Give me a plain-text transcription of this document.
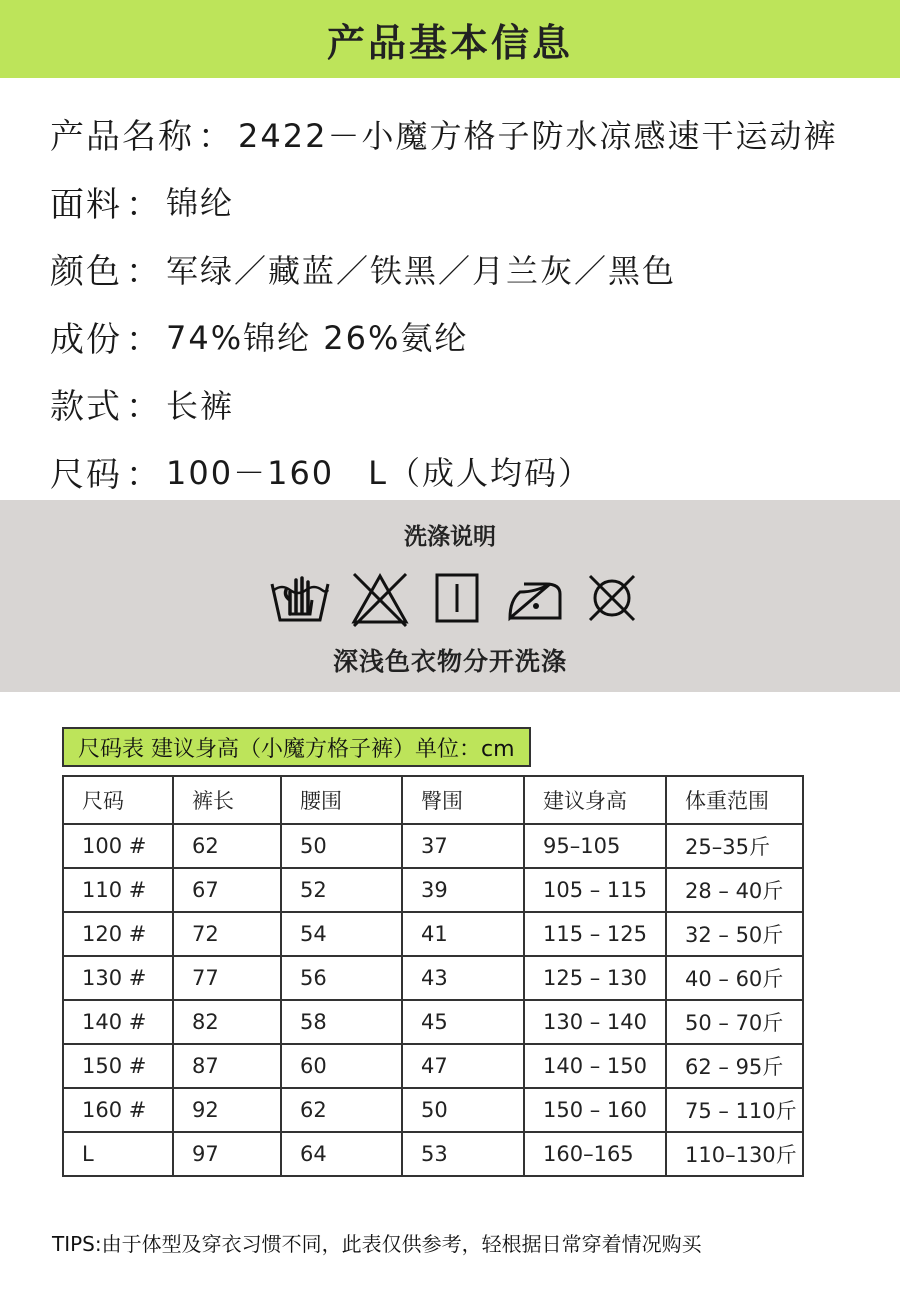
产品基本信息
产品名称 ： 2422－小魔方格子防水凉感速干运动裤
面料 ： 锦纶
颜色 ： 军绿／藏蓝／铁黑／月兰灰／黑色
成份 ： 74%锦纶 26%氨纶
款式 ： 长裤
尺码 ： 100－160　L（成人均码）
洗涤说明
深浅色衣物分开洗涤
尺码表 建议身高（小魔方格子裤）单位：cm
尺码	裤长	腰围	臀围	建议身高	体重范围
100 #	62	50	37	95–105	25–35斤
110 #	67	52	39	105 – 115	28 – 40斤
120 #	72	54	41	115 – 125	32 – 50斤
130 #	77	56	43	125 – 130	40 – 60斤
140 #	82	58	45	130 – 140	50 – 70斤
150 #	87	60	47	140 – 150	62 – 95斤
160 #	92	62	50	150 – 160	75 – 110斤
L	97	64	53	160–165	110–130斤
TIPS:由于体型及穿衣习惯不同，此表仅供参考，轻根据日常穿着情况购买
